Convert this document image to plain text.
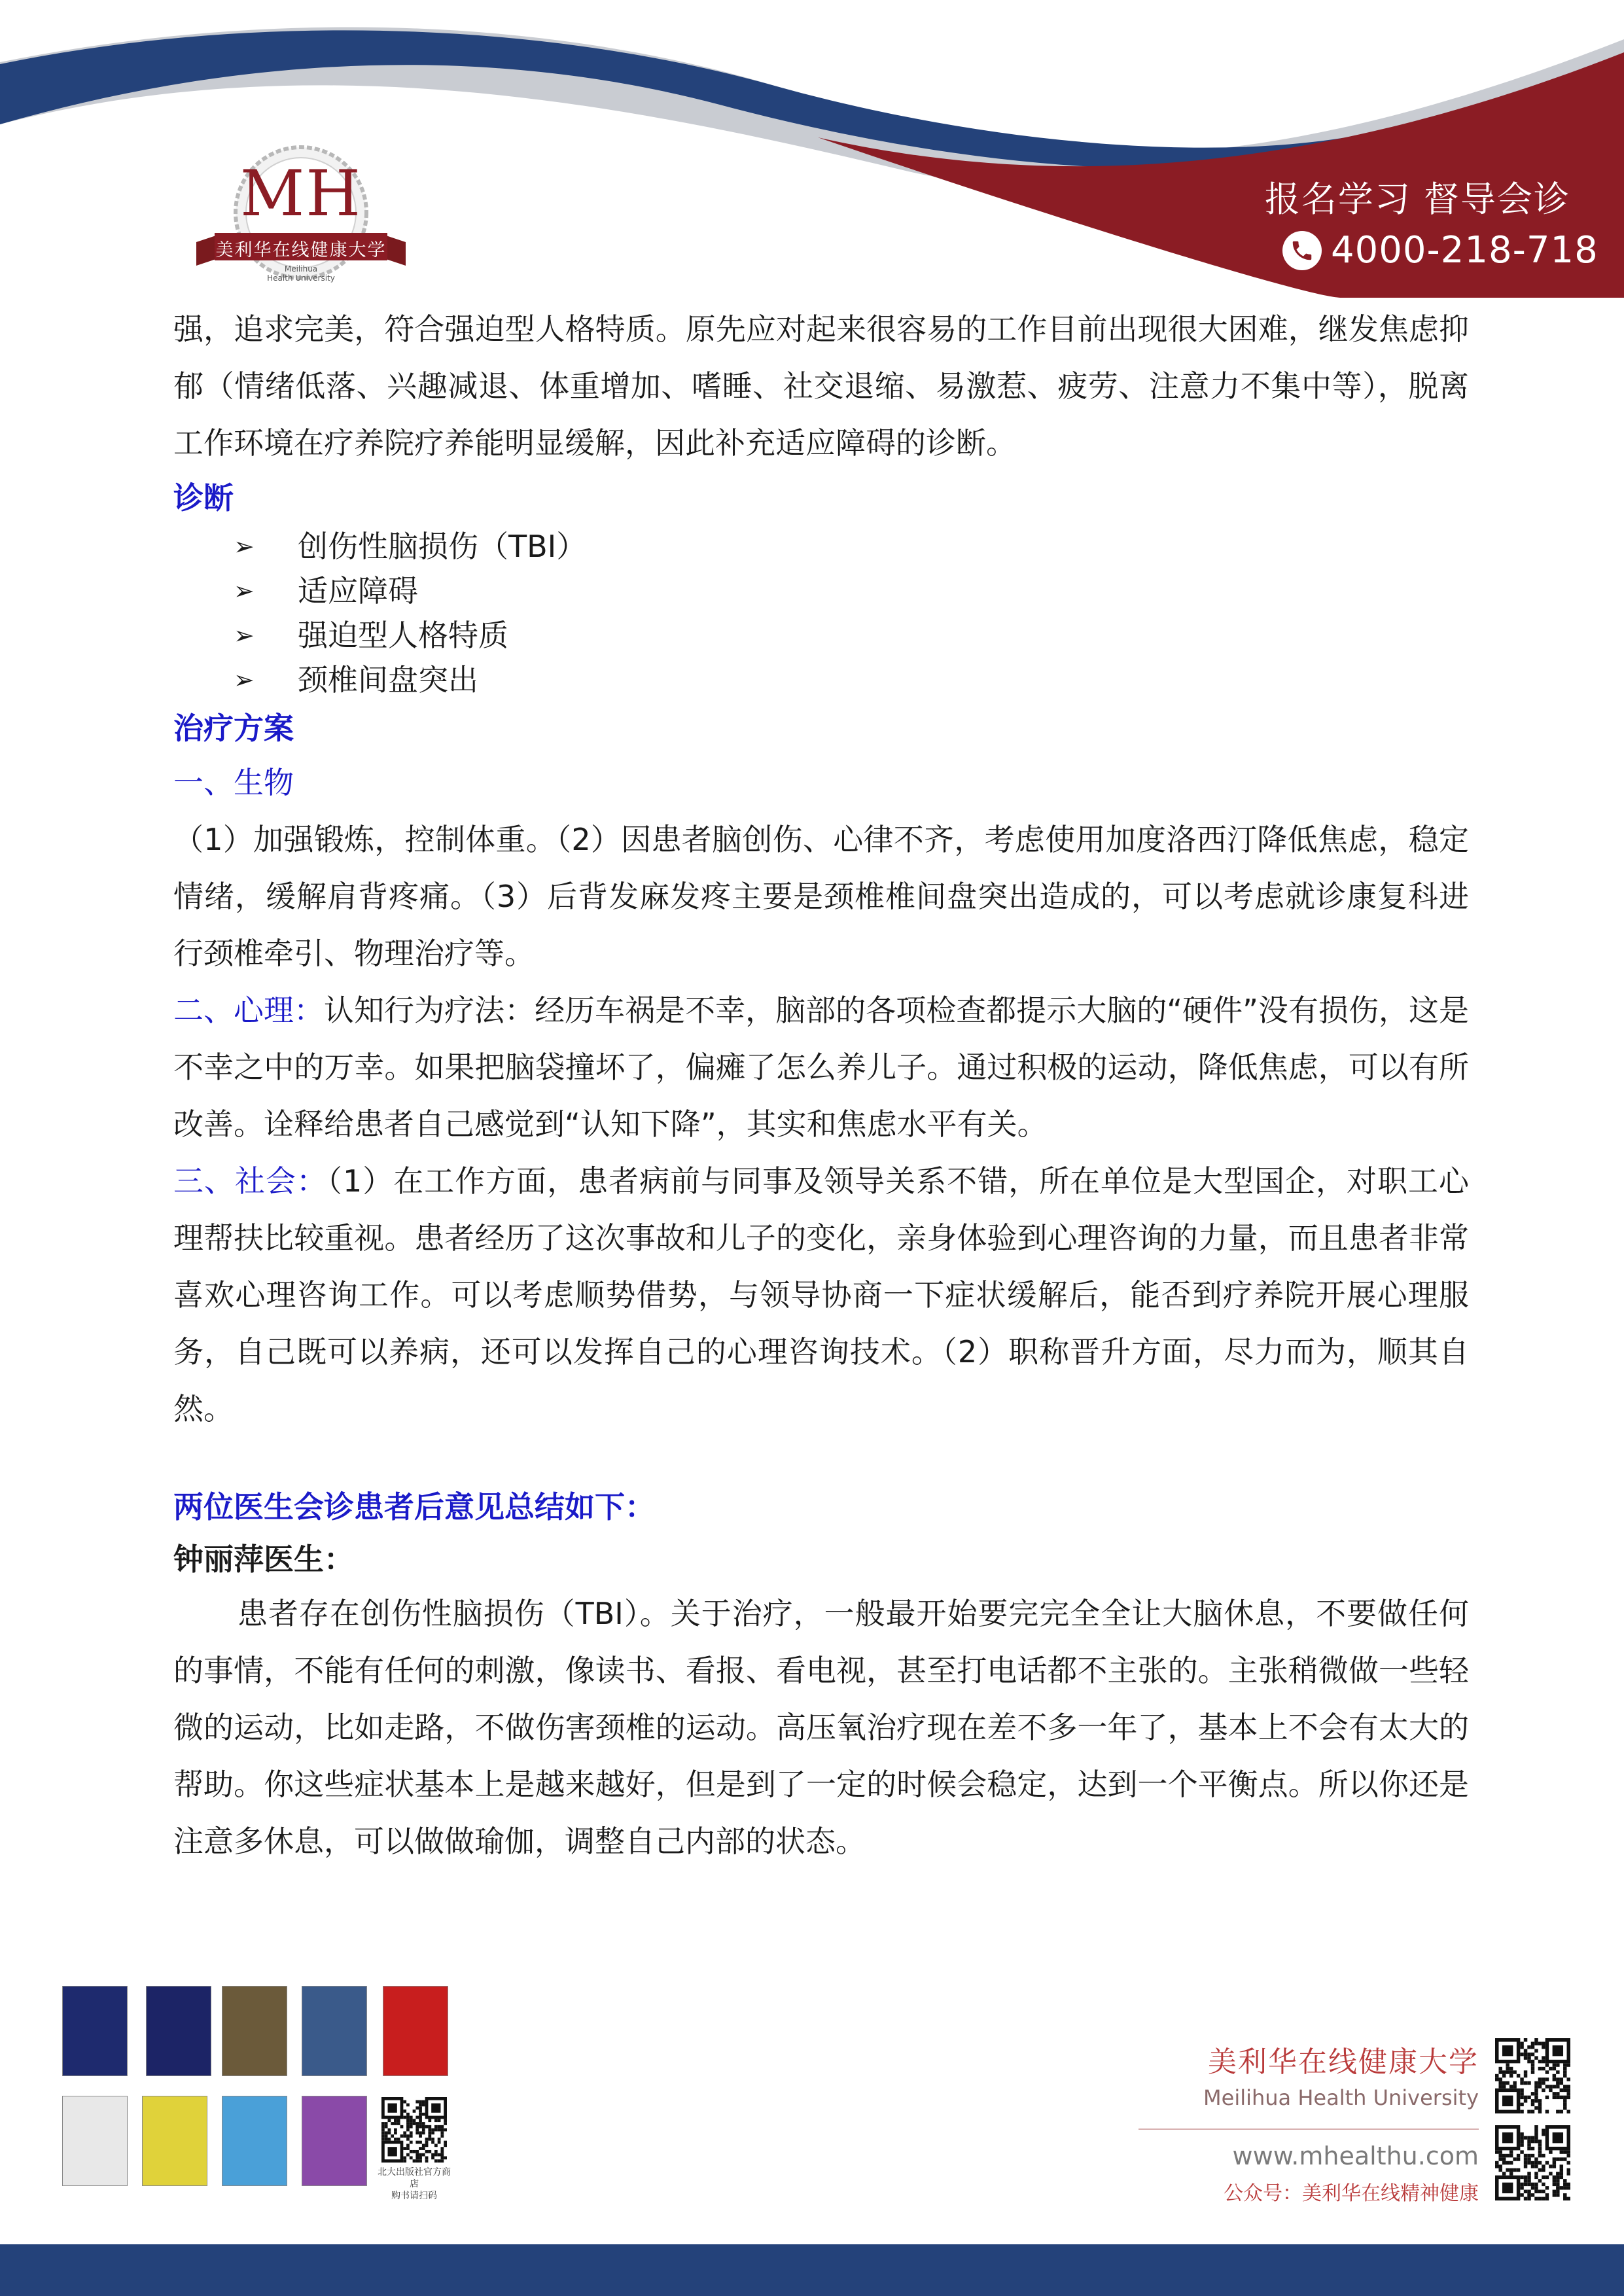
MH
美利华在线健康大学
Meilihua
Health University
报名学习 督导会诊
4000-218-718

强，追求完美，符合强迫型人格特质。原先应对起来很容易的工作目前出现很大困难，继发焦虑抑郁（情绪低落、兴趣减退、体重增加、嗜睡、社交退缩、易激惹、疲劳、注意力不集中等），脱离工作环境在疗养院疗养能明显缓解，因此补充适应障碍的诊断。

诊断

➢	创伤性脑损伤（TBI）
➢	适应障碍
➢	强迫型人格特质
➢	颈椎间盘突出

治疗方案

一、生物

（1）加强锻炼，控制体重。（2）因患者脑创伤、心律不齐，考虑使用加度洛西汀降低焦虑，稳定情绪，缓解肩背疼痛。（3）后背发麻发疼主要是颈椎椎间盘突出造成的，可以考虑就诊康复科进行颈椎牵引、物理治疗等。

二、心理：认知行为疗法：经历车祸是不幸，脑部的各项检查都提示大脑的“硬件”没有损伤，这是不幸之中的万幸。如果把脑袋撞坏了，偏瘫了怎么养儿子。通过积极的运动，降低焦虑，可以有所改善。诠释给患者自己感觉到“认知下降”，其实和焦虑水平有关。

三、社会：（1）在工作方面，患者病前与同事及领导关系不错，所在单位是大型国企，对职工心理帮扶比较重视。患者经历了这次事故和儿子的变化，亲身体验到心理咨询的力量，而且患者非常喜欢心理咨询工作。可以考虑顺势借势，与领导协商一下症状缓解后，能否到疗养院开展心理服务，自己既可以养病，还可以发挥自己的心理咨询技术。（2）职称晋升方面，尽力而为，顺其自然。

两位医生会诊患者后意见总结如下：

钟丽萍医生：

患者存在创伤性脑损伤（TBI）。关于治疗，一般最开始要完完全全让大脑休息，不要做任何的事情，不能有任何的刺激，像读书、看报、看电视，甚至打电话都不主张的。主张稍微做一些轻微的运动，比如走路，不做伤害颈椎的运动。高压氧治疗现在差不多一年了，基本上不会有太大的帮助。你这些症状基本上是越来越好，但是到了一定的时候会稳定，达到一个平衡点。所以你还是注意多休息，可以做做瑜伽，调整自己内部的状态。

北大出版社官方商店
购书请扫码

美利华在线健康大学

Meilihua Health University

www.mhealthu.com

公众号：美利华在线精神健康
